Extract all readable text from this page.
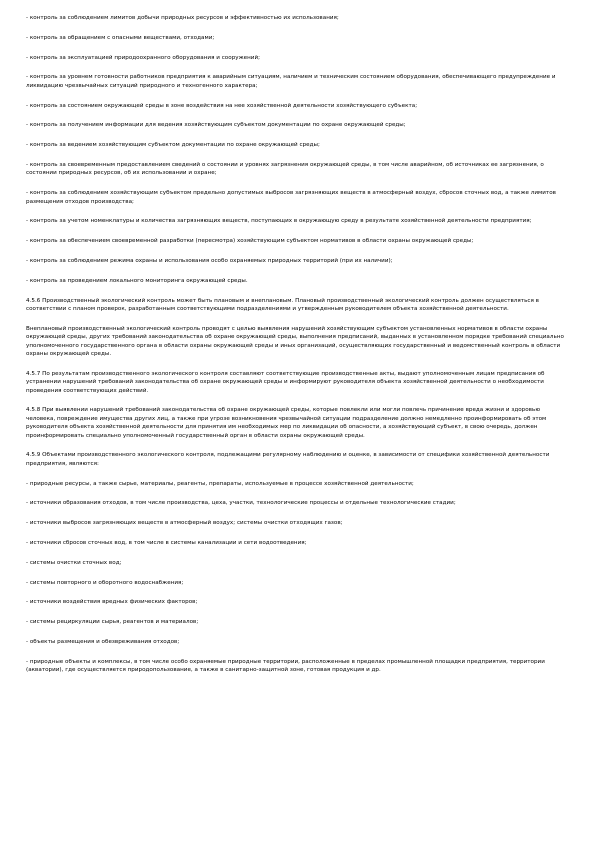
- контроль за соблюдением лимитов добычи природных ресурсов и эффективностью их использования;

- контроль за обращением с опасными веществами, отходами;

- контроль за эксплуатацией природоохранного оборудования и сооружений;

- контроль за уровнем готовности работников предприятия к аварийным ситуациям, наличием и техническим состоянием оборудования, обеспечивающего предупреждение и ликвидацию чрезвычайных ситуаций природного и техногенного характера;

- контроль за состоянием окружающей среды в зоне воздействия на нее хозяйственной деятельности хозяйствующего субъекта;

- контроль за получением информации для ведения хозяйствующим субъектом документации по охране окружающей среды;

- контроль за ведением хозяйствующим субъектом документации по охране окружающей среды;

- контроль за своевременным предоставлением сведений о состоянии и уровнях загрязнения окружающей среды, в том числе аварийном, об источниках ее загрязнения, о состоянии природных ресурсов, об их использовании и охране;

- контроль за соблюдением хозяйствующим субъектом предельно допустимых выбросов загрязняющих веществ в атмосферный воздух, сбросов сточных вод, а также лимитов размещения отходов производства;

- контроль за учетом номенклатуры и количества загрязняющих веществ, поступающих в окружающую среду в результате хозяйственной деятельности предприятия;

- контроль за обеспечением своевременной разработки (пересмотра) хозяйствующим субъектом нормативов в области охраны окружающей среды;

- контроль за соблюдением режима охраны и использования особо охраняемых природных территорий (при их наличии);

- контроль за проведением локального мониторинга окружающей среды.

4.5.6 Производственный экологический контроль может быть плановым и внеплановым. Плановый производственный экологический контроль должен осуществляться в соответствии с планом проверок, разработанным соответствующими подразделениями и утвержденным руководителем объекта хозяйственной деятельности.

Внеплановый производственный экологический контроль проводят с целью выявления нарушений хозяйствующим субъектом установленных нормативов в области охраны окружающей среды, других требований законодательства об охране окружающей среды, выполнения предписаний, выданных в установленном порядке требований специально уполномоченного государственного органа в области охраны окружающей среды и иных организаций, осуществляющих государственный и ведомственный контроль в области охраны окружающей среды.

4.5.7 По результатам производственного экологического контроля составляют соответствующие производственные акты, выдают уполномоченным лицам предписания об устранении нарушений требований законодательства об охране окружающей среды и информируют руководителя объекта хозяйственной деятельности о необходимости проведения соответствующих действий.

4.5.8 При выявлении нарушений требований законодательства об охране окружающей среды, которые повлекли или могли повлечь причинение вреда жизни и здоровью человека, повреждение имущества других лиц, а также при угрозе возникновения чрезвычайной ситуации подразделение должно немедленно проинформировать об этом руководителя объекта хозяйственной деятельности для принятия им необходимых мер по ликвидации об опасности, а хозяйствующий субъект, в свою очередь, должен проинформировать специально уполномоченный государственный орган в области охраны окружающей среды.

4.5.9 Объектами производственного экологического контроля, подлежащими регулярному наблюдению и оценке, в зависимости от специфики хозяйственной деятельности предприятия, являются:

- природные ресурсы, а также сырье, материалы, реагенты, препараты, используемые в процессе хозяйственной деятельности;

- источники образования отходов, в том числе производства, цеха, участки, технологические процессы и отдельные технологические стадии;

- источники выбросов загрязняющих веществ в атмосферный воздух; системы очистки отходящих газов;

- источники сбросов сточных вод, в том числе в системы канализации и сети водоотведения;

- системы очистки сточных вод;

- системы повторного и оборотного водоснабжения;

- источники воздействия вредных физических факторов;

- системы рециркуляции сырья, реагентов и материалов;

- объекты размещения и обезвреживания отходов;

- природные объекты и комплексы, в том числе особо охраняемые природные территории, расположенные в пределах промышленной площадки предприятия, территории (акватории), где осуществляется природопользование, а также в санитарно-защитной зоне, готовая продукция и др.
